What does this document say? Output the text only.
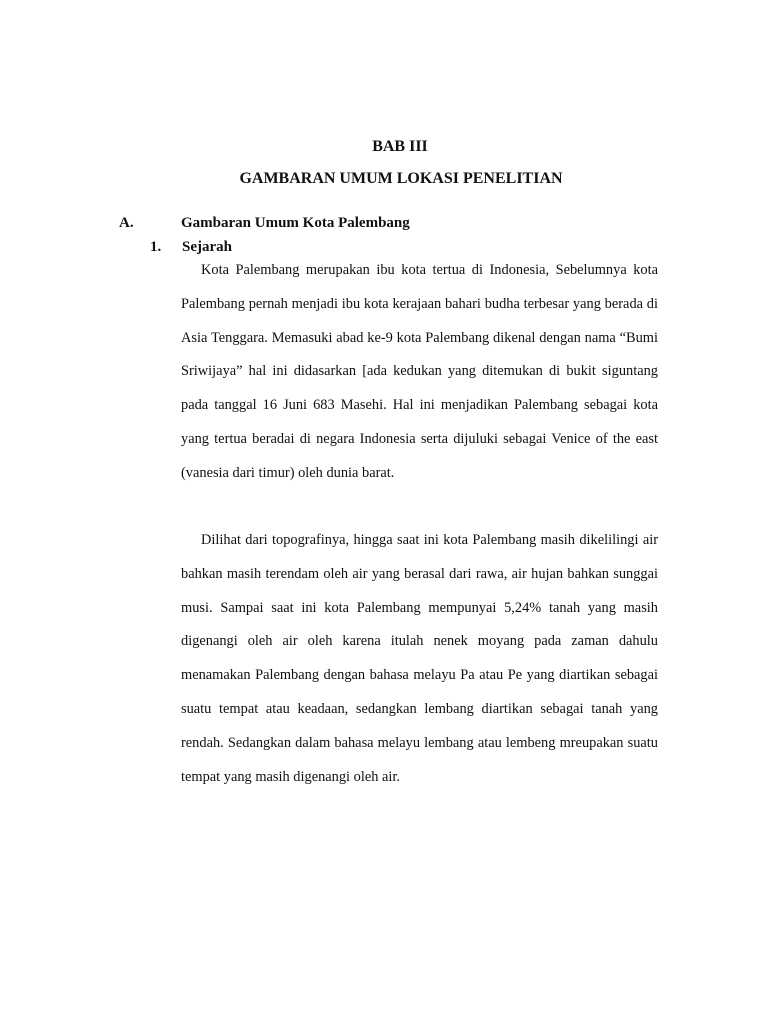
BAB III
GAMBARAN UMUM LOKASI PENELITIAN
A.	Gambaran Umum Kota Palembang
1. Sejarah

Kota Palembang merupakan ibu kota tertua di Indonesia, Sebelumnya kota Palembang pernah menjadi ibu kota kerajaan bahari budha terbesar yang berada di Asia Tenggara. Memasuki abad ke-9 kota Palembang dikenal dengan nama “Bumi Sriwijaya” hal ini didasarkan [ada kedukan yang ditemukan di bukit siguntang pada tanggal 16 Juni 683 Masehi. Hal ini menjadikan Palembang sebagai kota yang tertua beradai di negara Indonesia serta dijuluki sebagai Venice of the east (vanesia dari timur) oleh dunia barat.

Dilihat dari topografinya, hingga saat ini kota Palembang masih dikelilingi air bahkan masih terendam oleh air yang berasal dari rawa, air hujan bahkan sunggai musi. Sampai saat ini kota Palembang mempunyai 5,24% tanah yang masih digenangi oleh air oleh karena itulah nenek moyang pada zaman dahulu menamakan Palembang dengan bahasa melayu Pa atau Pe yang diartikan sebagai suatu tempat atau keadaan, sedangkan lembang diartikan sebagai tanah yang rendah. Sedangkan dalam bahasa melayu lembang atau lembeng mreupakan suatu tempat yang masih digenangi oleh air.
